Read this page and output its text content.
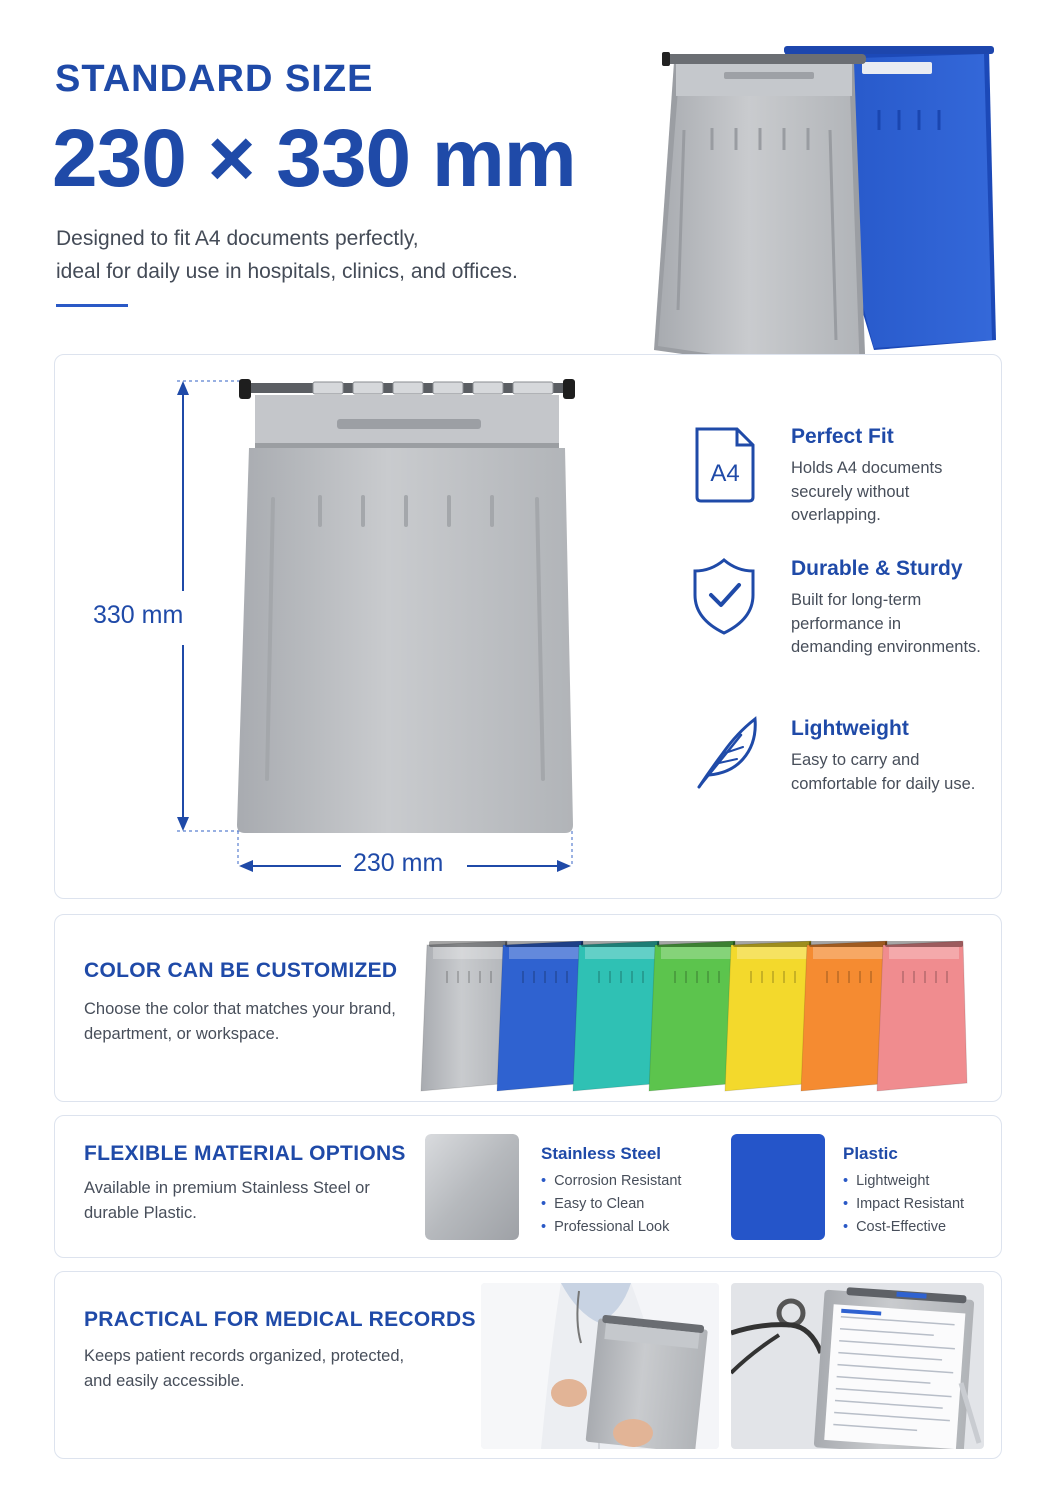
STANDARD SIZE
230 × 330 mm
Designed to fit A4 documents perfectly,
ideal for daily use in hospitals, clinics, and offices.
330 mm
230 mm
A4
Perfect Fit
Holds A4 documents securely without overlapping.
Durable & Sturdy
Built for long-term performance in demanding environments.
Lightweight
Easy to carry and comfortable for daily use.
COLOR CAN BE CUSTOMIZED
Choose the color that matches your brand, department, or workspace.
FLEXIBLE MATERIAL OPTIONS
Available in premium Stainless Steel or durable Plastic.
Stainless Steel
• Corrosion Resistant
• Easy to Clean
• Professional Look
Plastic
• Lightweight
• Impact Resistant
• Cost-Effective
PRACTICAL FOR MEDICAL RECORDS
Keeps patient records organized, protected, and easily accessible.
